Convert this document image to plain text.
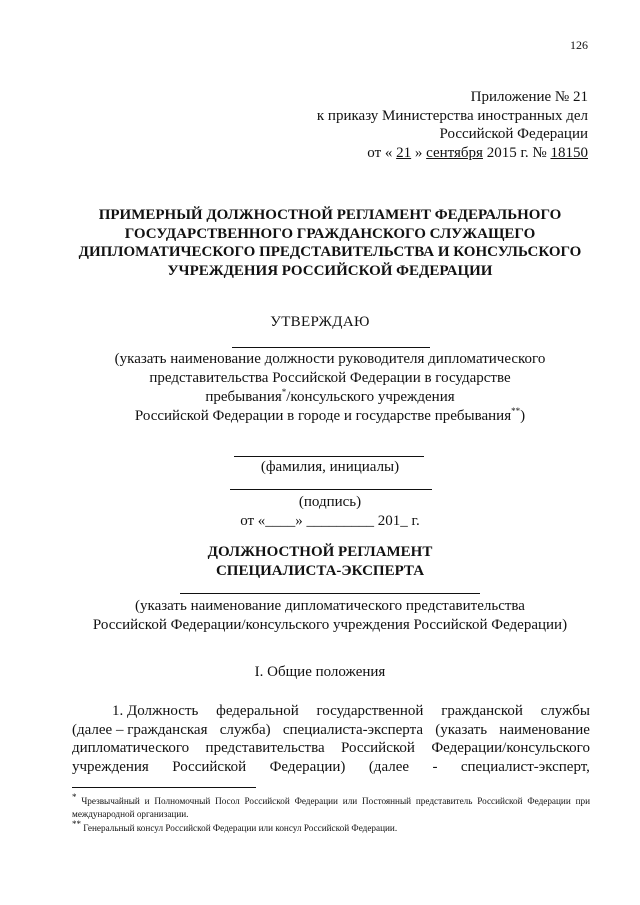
126
Приложение № 21
к приказу Министерства иностранных дел
Российской Федерации
от « 21 » сентября 2015 г. № 18150
ПРИМЕРНЫЙ ДОЛЖНОСТНОЙ РЕГЛАМЕНТ ФЕДЕРАЛЬНОГО
ГОСУДАРСТВЕННОГО ГРАЖДАНСКОГО СЛУЖАЩЕГО
ДИПЛОМАТИЧЕСКОГО ПРЕДСТАВИТЕЛЬСТВА И КОНСУЛЬСКОГО
УЧРЕЖДЕНИЯ РОССИЙСКОЙ ФЕДЕРАЦИИ
УТВЕРЖДАЮ
(указать наименование должности руководителя дипломатического
представительства Российской Федерации в государстве
пребывания*/консульского учреждения
Российской Федерации в городе и государстве пребывания**)
(фамилия, инициалы)
(подпись)
от «____» _________ 201_ г.
ДОЛЖНОСТНОЙ РЕГЛАМЕНТ
СПЕЦИАЛИСТА-ЭКСПЕРТА
(указать наименование дипломатического представительства
Российской Федерации/консульского учреждения Российской Федерации)
I. Общие положения
1. Должность федеральной государственной гражданской службы
(далее – гражданская служба) специалиста-эксперта (указать наименование
дипломатического представительства Российской Федерации/консульского
учреждения Российской Федерации) (далее - специалист-эксперт,

* Чрезвычайный и Полномочный Посол Российской Федерации или Постоянный представитель Российской Федерации при международной организации.

** Генеральный консул Российской Федерации или консул Российской Федерации.
